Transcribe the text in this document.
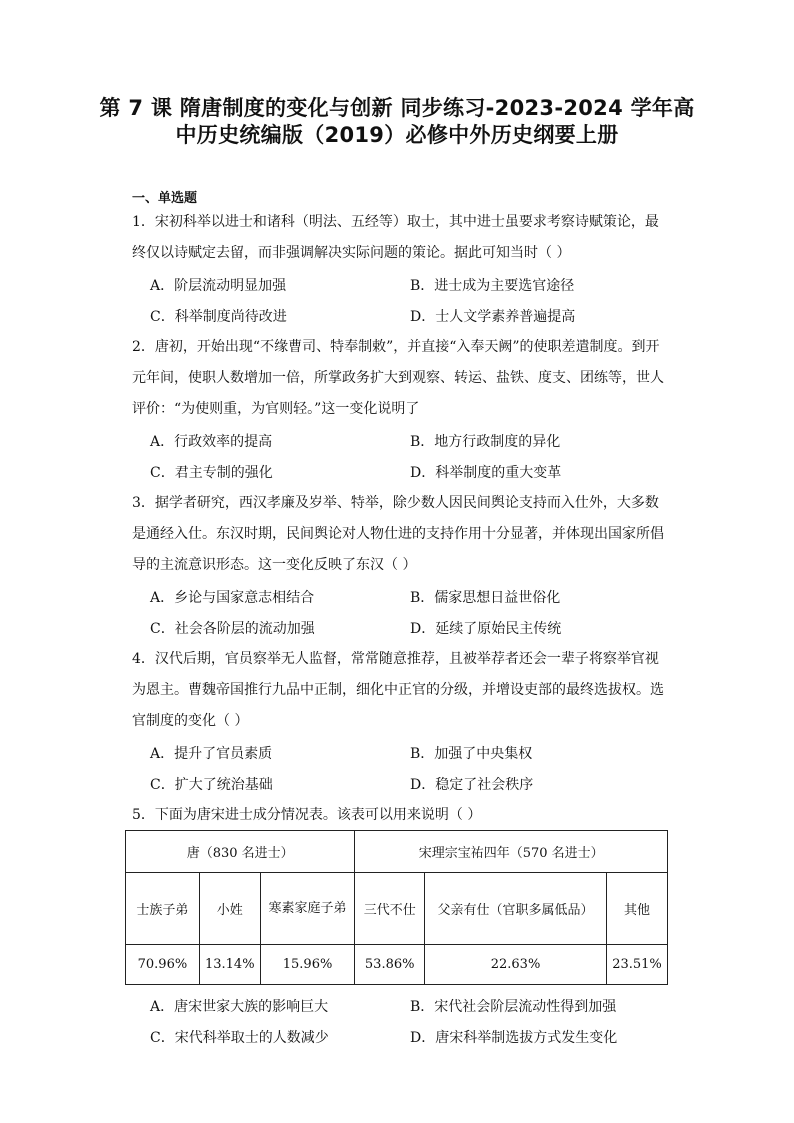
第 7 课 隋唐制度的变化与创新 同步练习-2023-2024 学年高
中历史统编版（2019）必修中外历史纲要上册
一、单选题
1．宋初科举以进士和诸科（明法、五经等）取士，其中进士虽要求考察诗赋策论，最
终仅以诗赋定去留，而非强调解决实际问题的策论。据此可知当时（ ）
A．阶层流动明显加强	B．进士成为主要选官途径
C．科举制度尚待改进	D．士人文学素养普遍提高
2．唐初，开始出现“不缘曹司、特奉制敕”，并直接“入奉天阙”的使职差遣制度。到开
元年间，使职人数增加一倍，所掌政务扩大到观察、转运、盐铁、度支、团练等，世人
评价：“为使则重，为官则轻。”这一变化说明了
A．行政效率的提高	B．地方行政制度的异化
C．君主专制的强化	D．科举制度的重大变革
3．据学者研究，西汉孝廉及岁举、特举，除少数人因民间舆论支持而入仕外，大多数
是通经入仕。东汉时期，民间舆论对人物仕进的支持作用十分显著，并体现出国家所倡
导的主流意识形态。这一变化反映了东汉（ ）
A．乡论与国家意志相结合	B．儒家思想日益世俗化
C．社会各阶层的流动加强	D．延续了原始民主传统
4．汉代后期，官员察举无人监督，常常随意推荐，且被举荐者还会一辈子将察举官视
为恩主。曹魏帝国推行九品中正制，细化中正官的分级，并增设吏部的最终选拔权。选
官制度的变化（ ）
A．提升了官员素质	B．加强了中央集权
C．扩大了统治基础	D．稳定了社会秩序
5．下面为唐宋进士成分情况表。该表可以用来说明（ ）
唐（830 名进士）			宋理宗宝祐四年（570 名进士）		
士族子弟	小姓	寒素家庭子弟	三代不仕	父亲有仕（官职多属低品）	其他
70.96%	13.14%	15.96%	53.86%	22.63%	23.51%
A．唐宋世家大族的影响巨大	B．宋代社会阶层流动性得到加强
C．宋代科举取士的人数减少	D．唐宋科举制选拔方式发生变化
